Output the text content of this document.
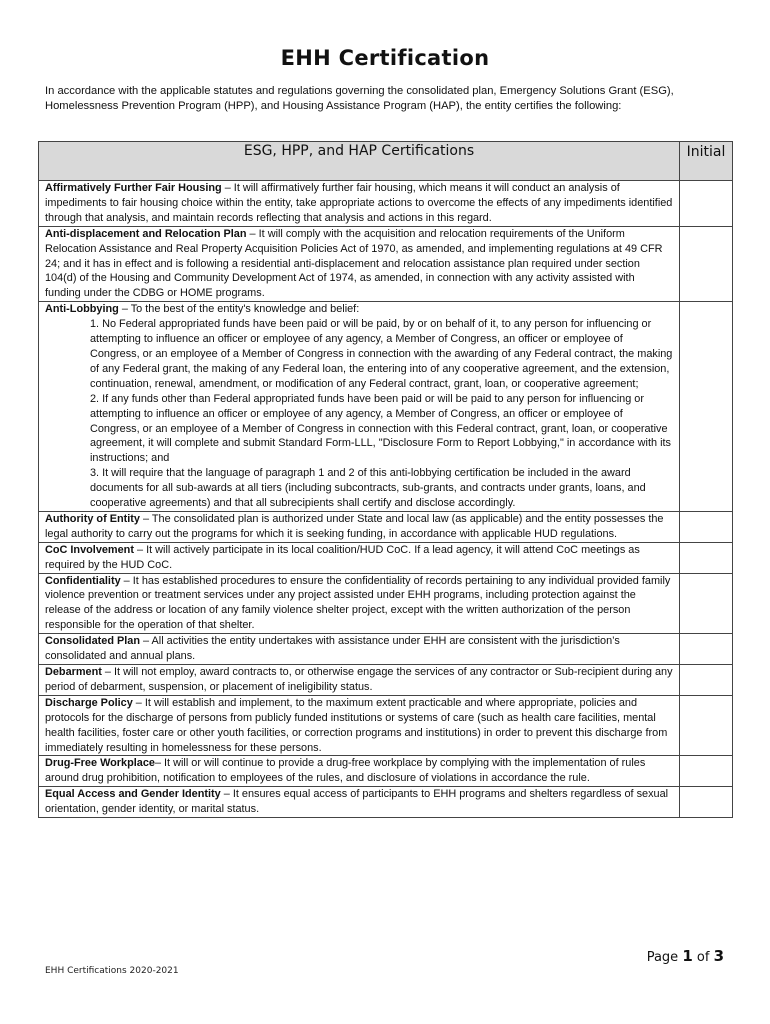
EHH Certification
In accordance with the applicable statutes and regulations governing the consolidated plan, Emergency Solutions Grant (ESG), Homelessness Prevention Program (HPP), and Housing Assistance Program (HAP), the entity certifies the following:
ESG, HPP, and HAP Certifications	Initial
Affirmatively Further Fair Housing – It will affirmatively further fair housing, which means it will conduct an analysis of impediments to fair housing choice within the entity, take appropriate actions to overcome the effects of any impediments identified through that analysis, and maintain records reflecting that analysis and actions in this regard.	
Anti-displacement and Relocation Plan – It will comply with the acquisition and relocation requirements of the Uniform Relocation Assistance and Real Property Acquisition Policies Act of 1970, as amended, and implementing regulations at 49 CFR 24; and it has in effect and is following a residential anti-displacement and relocation assistance plan required under section 104(d) of the Housing and Community Development Act of 1974, as amended, in connection with any activity assisted with funding under the CDBG or HOME programs.	
Anti-Lobbying – To the best of the entity's knowledge and belief:
1. No Federal appropriated funds have been paid or will be paid, by or on behalf of it, to any person for influencing or attempting to influence an officer or employee of any agency, a Member of Congress, an officer or employee of Congress, or an employee of a Member of Congress in connection with the awarding of any Federal contract, the making of any Federal grant, the making of any Federal loan, the entering into of any cooperative agreement, and the extension, continuation, renewal, amendment, or modification of any Federal contract, grant, loan, or cooperative agreement;
2. If any funds other than Federal appropriated funds have been paid or will be paid to any person for influencing or attempting to influence an officer or employee of any agency, a Member of Congress, an officer or employee of Congress, or an employee of a Member of Congress in connection with this Federal contract, grant, loan, or cooperative agreement, it will complete and submit Standard Form-LLL, "Disclosure Form to Report Lobbying," in accordance with its instructions; and
3. It will require that the language of paragraph 1 and 2 of this anti-lobbying certification be included in the award documents for all sub-awards at all tiers (including subcontracts, sub-grants, and contracts under grants, loans, and cooperative agreements) and that all subrecipients shall certify and disclose accordingly.	

Authority of Entity – The consolidated plan is authorized under State and local law (as applicable) and the entity possesses the legal authority to carry out the programs for which it is seeking funding, in accordance with applicable HUD regulations.	
CoC Involvement – It will actively participate in its local coalition/HUD CoC. If a lead agency, it will attend CoC meetings as required by the HUD CoC.	
Confidentiality – It has established procedures to ensure the confidentiality of records pertaining to any individual provided family violence prevention or treatment services under any project assisted under EHH programs, including protection against the release of the address or location of any family violence shelter project, except with the written authorization of the person responsible for the operation of that shelter.	
Consolidated Plan – All activities the entity undertakes with assistance under EHH are consistent with the jurisdiction’s consolidated and annual plans.	
Debarment – It will not employ, award contracts to, or otherwise engage the services of any contractor or Sub-recipient during any period of debarment, suspension, or placement of ineligibility status.	
Discharge Policy – It will establish and implement, to the maximum extent practicable and where appropriate, policies and protocols for the discharge of persons from publicly funded institutions or systems of care (such as health care facilities, mental health facilities, foster care or other youth facilities, or correction programs and institutions) in order to prevent this discharge from immediately resulting in homelessness for these persons.	
Drug-Free Workplace– It will or will continue to provide a drug-free workplace by complying with the implementation of rules around drug prohibition, notification to employees of the rules, and disclosure of violations in accordance the rule.	
Equal Access and Gender Identity – It ensures equal access of participants to EHH programs and shelters regardless of sexual orientation, gender identity, or marital status.	
Page 1 of 3
EHH Certifications 2020-2021
